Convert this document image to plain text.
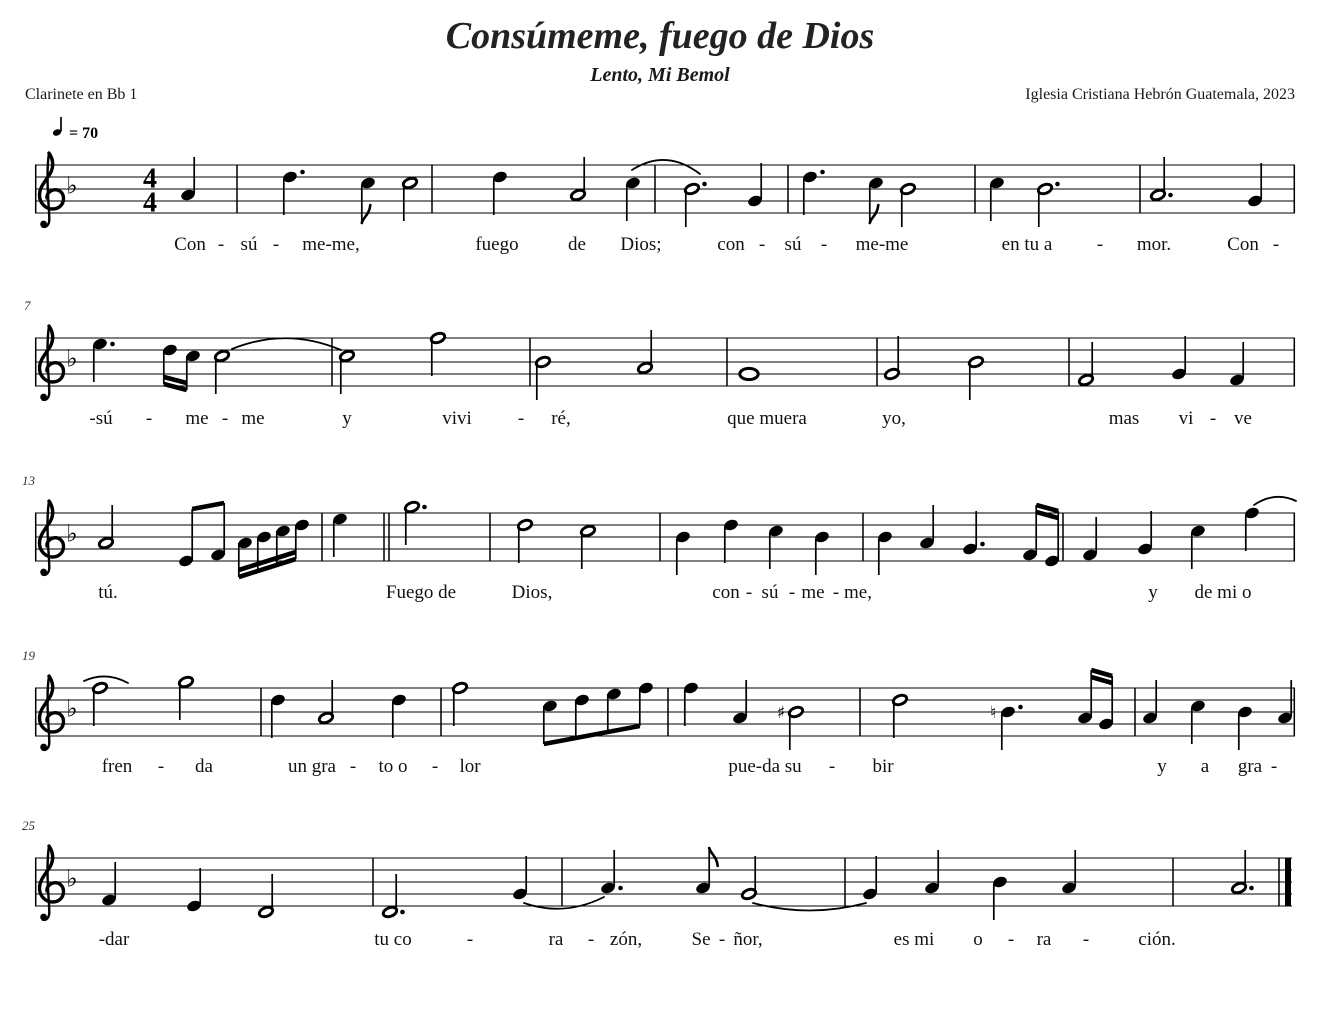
Consúmeme, fuego de Dios
Lento, Mi Bemol
Clarinete en Bb 1	Iglesia Cristiana Hebrón Guatemala, 2023
= 70
♭ 4
4
Con - sú - me-me,	fuego	de Dios;	con - sú - me-me	en tu a - mor.	Con -
♭
-sú - me - me	y	vivi - ré,	que muera	yo,	mas vi - ve
7
♭
tú.	Fuego de	Dios,	con - sú - me - me,	y de mi o
13
♭	♯	♮
fren - da	un gra - to o - lor	pue-da su - bir	y a gra -
19
♭
-dar	tu co	-	ra - zón,	Se - ñor,	es mi o - ra -	ción.
25
